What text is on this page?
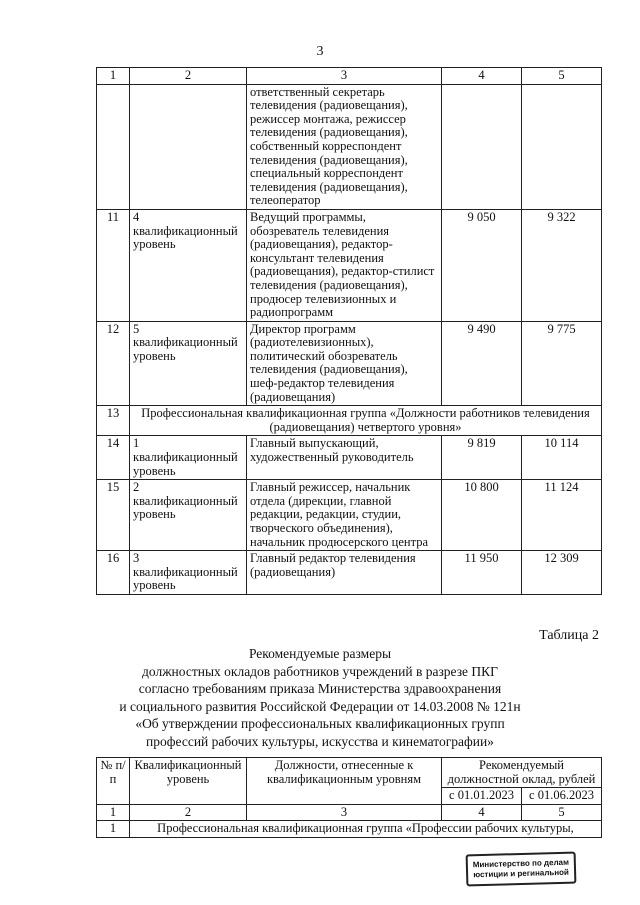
3
1	2	3	4	5
		ответственный секретарь телевидения (радиовещания), режиссер монтажа, режиссер телевидения (радиовещания), собственный корреспондент телевидения (радиовещания), специальный корреспондент телевидения (радиовещания), телеоператор		
11	4 квалификационный уровень	Ведущий программы, обозреватель телевидения (радиовещания), редактор-консультант телевидения (радиовещания), редактор-стилист телевидения (радиовещания), продюсер телевизионных и радиопрограмм	9 050	9 322
12	5 квалификационный уровень	Директор программ (радиотелевизионных), политический обозреватель телевидения (радиовещания), шеф-редактор телевидения (радиовещания)	9 490	9 775
13	Профессиональная квалификационная группа «Должности работников телевидения (радиовещания) четвертого уровня»			
14	1 квалификационный уровень	Главный выпускающий, художественный руководитель	9 819	10 114
15	2 квалификационный уровень	Главный режиссер, начальник отдела (дирекции, главной редакции, редакции, студии, творческого объединения), начальник продюсерского центра	10 800	11 124
16	3 квалификационный уровень	Главный редактор телевидения (радиовещания)	11 950	12 309
Таблица 2
Рекомендуемые размеры
должностных окладов работников учреждений в разрезе ПКГ
согласно требованиям приказа Министерства здравоохранения
и социального развития Российской Федерации от 14.03.2008 № 121н
«Об утверждении профессиональных квалификационных групп
профессий рабочих культуры, искусства и кинематографии»
№ п/п	Квалификационный уровень	Должности, отнесенные к квалификационным уровням	Рекомендуемый должностной оклад, рублей	
			с 01.01.2023	с 01.06.2023
1	2	3	4	5
1	Профессиональная квалификационная группа «Профессии рабочих культуры,			
Министерство по делам
юстиции и регинальной
